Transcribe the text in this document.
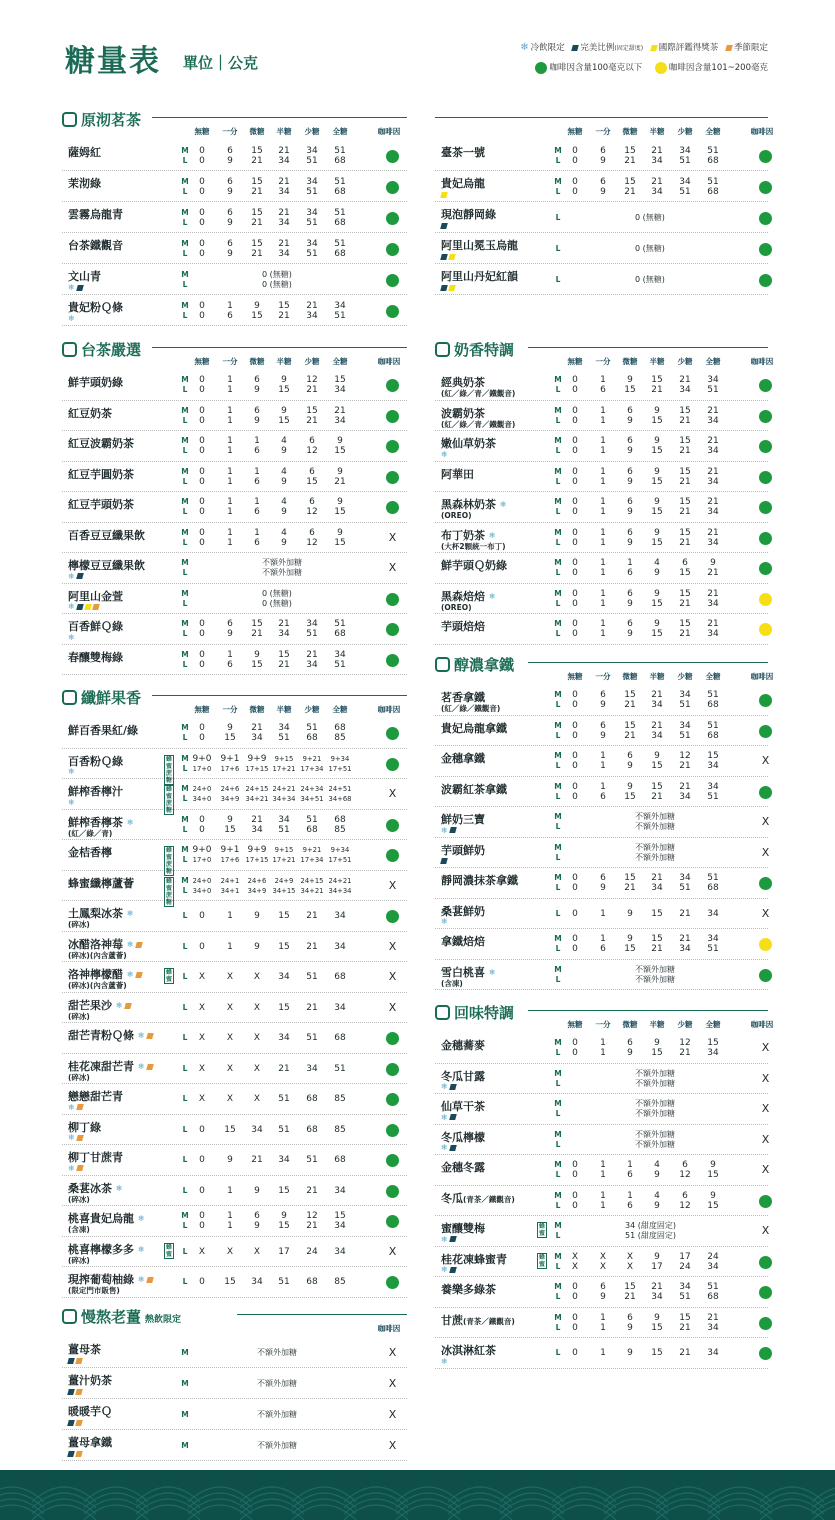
糖量表 單位｜公克
❄ 冷飲限定 完美比例(固定甜度) 國際評鑑得獎茶 季節限定
咖啡因含量100毫克以下	咖啡因含量101~200毫克
原沏茗茶
無糖	一分	微糖	半糖	少糖	全糖	咖啡因
薩姆紅	M	0	6	15	21	34	51
L	0	9	21	34	51	68
茉沏綠	M	0	6	15	21	34	51
L	0	9	21	34	51	68
雲霧烏龍青	M	0	6	15	21	34	51
L	0	9	21	34	51	68
台茶鐵觀音	M	0	6	15	21	34	51
L	0	9	21	34	51	68
文山青
❄
M	0 (無糖)
L	0 (無糖)
貴妃粉Ｑ條
❄
M	0	1	9	15	21	34
L	0	6	15	21	34	51
台茶嚴選
無糖	一分	微糖	半糖	少糖	全糖	咖啡因
鮮芋頭奶綠	M	0	1	6	9	12	15
L	0	1	9	15	21	34
紅豆奶茶	M	0	1	6	9	15	21
L	0	1	9	15	21	34
紅豆波霸奶茶	M	0	1	1	4	6	9
L	0	1	6	9	12	15
紅豆芋圓奶茶	M	0	1	1	4	6	9
L	0	1	6	9	15	21
紅豆芋頭奶茶	M	0	1	1	4	6	9
L	0	1	6	9	12	15
百香豆豆纖果飲	M	0	1	1	4	6	9
L	0	1	6	9	12	15	X
檸檬豆豆纖果飲
❄
M	不額外加糖
L	不額外加糖	X
阿里山金萱
❄
M	0 (無糖)
L	0 (無糖)
百香鮮Ｑ綠
❄
M	0	6	15	21	34	51
L	0	9	21	34	51	68
春釀雙梅綠	M	0	1	9	15	21	34
L	0	6	15	21	34	51
纖鮮果香
無糖	一分	微糖	半糖	少糖	全糖	咖啡因
鮮百香果紅/綠	M	0	9	21	34	51	68
L	0	15	34	51	68	85
百香粉Ｑ綠
❄
蜂蜜
蔗糖
M 9+0 9+1 9+9	9+15	9+21	9+34
L 17+0	17+6 17+15 17+21 17+34 17+51
鮮榨香檸汁
❄
蜂蜜
蔗糖
M 24+0	24+6 24+15 24+21 24+34 24+51
L 34+0	34+9 34+21 34+34 34+51 34+68	X
鮮榨香檸茶 ❄
(紅／綠／青)
M	0	9	21	34	51	68
L	0	15	34	51	68	85
金桔香檸	蜂蜜
蔗糖
M 9+0 9+1 9+9	9+15	9+21	9+34
L 17+0	17+6 17+15 17+21 17+34 17+51
蜂蜜纖檸蘆薈	蜂蜜
蔗糖
M 24+0	24+1	24+6	24+9	24+15 24+21
L 34+0	34+1	34+9 34+15 34+21 34+34	X
土鳳梨冰茶 ❄
(碎冰)
L	0	1	9	15	21	34
冰醋洛神莓 ❄
(碎冰)(內含蘆薈)
L	0	1	9	15	21	34	X
洛神檸檬醋 ❄
(碎冰)(內含蘆薈)
蜂蜜 L	X	X	X	34	51	68	X
甜芒果沙 ❄
(碎冰)
L	X	X	X	15	21	34	X
甜芒青粉Ｑ條 ❄	L	X	X	X	34	51	68
桂花凍甜芒青 ❄
(碎冰)
L	X	X	X	21	34	51
戀戀甜芒青
❄
L	X	X	X	51	68	85
柳丁綠
❄
L	0	15	34	51	68	85
柳丁甘蔗青
❄
L	0	9	21	34	51	68
桑葚冰茶 ❄
(碎冰)
L	0	1	9	15	21	34
桃喜貴妃烏龍 ❄
(含凍)
M	0	1	6	9	12	15
L	0	1	9	15	21	34
桃喜檸檬多多 ❄
(碎冰)
蜂蜜 L	X	X	X	17	24	34	X
現搾葡萄柚綠 ❄
(限定門市販售)
L	0	15	34	51	68	85
慢熬老薑 熱飲限定
咖啡因
薑母茶	M	不額外加糖	X
薑汁奶茶	M	不額外加糖	X
暖暖芋Ｑ	M	不額外加糖	X
薑母拿鐵	M	不額外加糖	X
無糖	一分	微糖	半糖	少糖	全糖	咖啡因
臺茶一號	M	0	6	15	21	34	51
L	0	9	21	34	51	68
貴妃烏龍	M	0	6	15	21	34	51
L	0	9	21	34	51	68
現泡靜岡綠	L	0 (無糖)
阿里山冕玉烏龍	L	0 (無糖)
阿里山丹妃紅韻	L	0 (無糖)
奶香特調
無糖	一分	微糖	半糖	少糖	全糖	咖啡因
經典奶茶
(紅／綠／青／鐵觀音)
M	0	1	9	15	21	34
L	0	6	15	21	34	51
波霸奶茶
(紅／綠／青／鐵觀音)
M	0	1	6	9	15	21
L	0	1	9	15	21	34
嫩仙草奶茶
❄
M	0	1	6	9	15	21
L	0	1	9	15	21	34
阿華田	M	0	1	6	9	15	21
L	0	1	9	15	21	34
黑森林奶茶 ❄
(OREO)
M	0	1	6	9	15	21
L	0	1	9	15	21	34
布丁奶茶 ❄
(大杯2顆統一布丁)
M	0	1	6	9	15	21
L	0	1	9	15	21	34
鮮芋頭Ｑ奶綠	M	0	1	1	4	6	9
L	0	1	6	9	15	21
黑森焙焙 ❄
(OREO)
M	0	1	6	9	15	21
L	0	1	9	15	21	34
芋頭焙焙	M	0	1	6	9	15	21
L	0	1	9	15	21	34
醇濃拿鐵
無糖	一分	微糖	半糖	少糖	全糖	咖啡因
茗香拿鐵
(紅／綠／鐵觀音)
M	0	6	15	21	34	51
L	0	9	21	34	51	68
貴妃烏龍拿鐵	M	0	6	15	21	34	51
L	0	9	21	34	51	68
金穗拿鐵	M	0	1	6	9	12	15
L	0	1	9	15	21	34	X
波霸紅茶拿鐵	M	0	1	9	15	21	34
L	0	6	15	21	34	51
鮮奶三寶
❄
M	不額外加糖
L	不額外加糖	X
芋頭鮮奶	M	不額外加糖
L	不額外加糖	X
靜岡濃抹茶拿鐵	M	0	6	15	21	34	51
L	0	9	21	34	51	68
桑葚鮮奶
❄
L	0	1	9	15	21	34	X
拿鐵焙焙	M	0	1	9	15	21	34
L	0	6	15	21	34	51
雪白桃喜 ❄
(含凍)
M	不額外加糖
L	不額外加糖
回味特調
無糖	一分	微糖	半糖	少糖	全糖	咖啡因
金穗蕎麥	M	0	1	6	9	12	15
L	0	1	9	15	21	34	X
冬瓜甘露
❄
M	不額外加糖
L	不額外加糖	X
仙草干茶
❄
M	不額外加糖
L	不額外加糖	X
冬瓜檸檬
❄
M	不額外加糖
L	不額外加糖	X
金穗冬露	M	0	1	1	4	6	9
L	0	1	6	9	12	15	X
冬瓜(青茶／鐵觀音)	M	0	1	1	4	6	9
L	0	1	6	9	12	15
蜜釀雙梅
❄
蜂蜜
M	34 (甜度固定)
L	51 (甜度固定)	X
桂花凍蜂蜜青
❄
蜂蜜
M	X	X	X	9	17	24
L	X	X	X	17	24	34
養樂多綠茶	M	0	6	15	21	34	51
L	0	9	21	34	51	68
甘蔗(青茶／鐵觀音)	M	0	1	6	9	15	21
L	0	1	9	15	21	34
冰淇淋紅茶
❄
L	0	1	9	15	21	34
